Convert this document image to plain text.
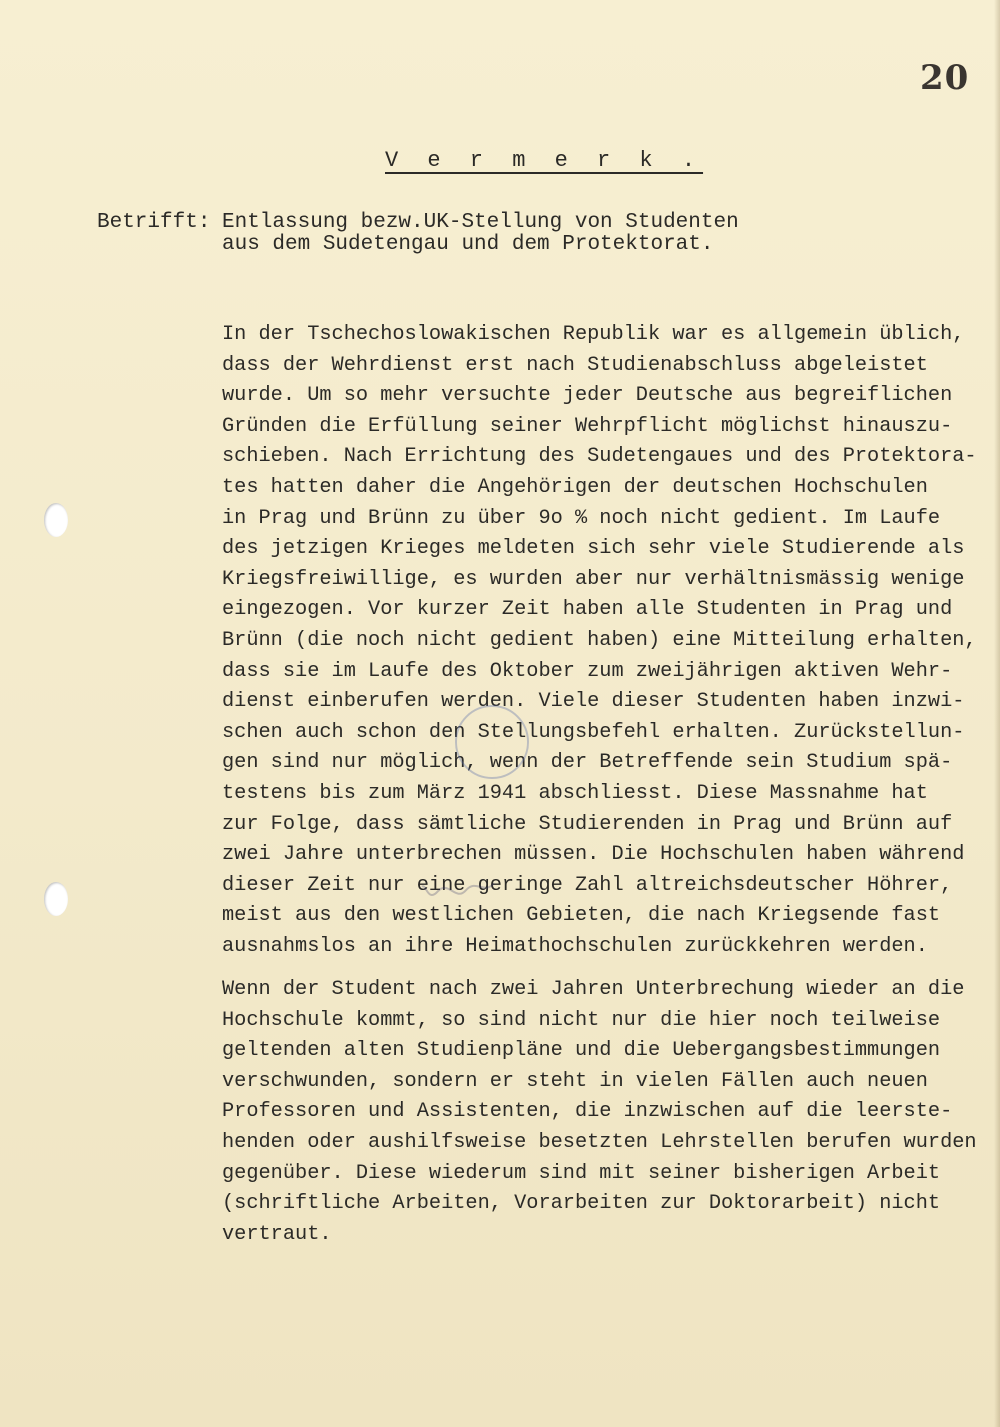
20
V e r m e r k .
Betrifft: Entlassung bezw.UK-Stellung von Studenten
aus dem Sudetengau und dem Protektorat.
In der Tschechoslowakischen Republik war es allgemein üblich,
dass der Wehrdienst erst nach Studienabschluss abgeleistet
wurde. Um so mehr versuchte jeder Deutsche aus begreiflichen
Gründen die Erfüllung seiner Wehrpflicht möglichst hinauszu-
schieben. Nach Errichtung des Sudetengaues und des Protektora-
tes hatten daher die Angehörigen der deutschen Hochschulen
in Prag und Brünn zu über 9o % noch nicht gedient. Im Laufe
des jetzigen Krieges meldeten sich sehr viele Studierende als
Kriegsfreiwillige, es wurden aber nur verhältnismässig wenige
eingezogen. Vor kurzer Zeit haben alle Studenten in Prag und
Brünn (die noch nicht gedient haben) eine Mitteilung erhalten,
dass sie im Laufe des Oktober zum zweijährigen aktiven Wehr-
dienst einberufen werden. Viele dieser Studenten haben inzwi-
schen auch schon den Stellungsbefehl erhalten. Zurückstellun-
gen sind nur möglich, wenn der Betreffende sein Studium spä-
testens bis zum März 1941 abschliesst. Diese Massnahme hat
zur Folge, dass sämtliche Studierenden in Prag und Brünn auf
zwei Jahre unterbrechen müssen. Die Hochschulen haben während
dieser Zeit nur eine geringe Zahl altreichsdeutscher Höhrer,
meist aus den westlichen Gebieten, die nach Kriegsende fast
ausnahmslos an ihre Heimathochschulen zurückkehren werden.
Wenn der Student nach zwei Jahren Unterbrechung wieder an die
Hochschule kommt, so sind nicht nur die hier noch teilweise
geltenden alten Studienpläne und die Uebergangsbestimmungen
verschwunden, sondern er steht in vielen Fällen auch neuen
Professoren und Assistenten, die inzwischen auf die leerste-
henden oder aushilfsweise besetzten Lehrstellen berufen wurden
gegenüber. Diese wiederum sind mit seiner bisherigen Arbeit
(schriftliche Arbeiten, Vorarbeiten zur Doktorarbeit) nicht
vertraut.
